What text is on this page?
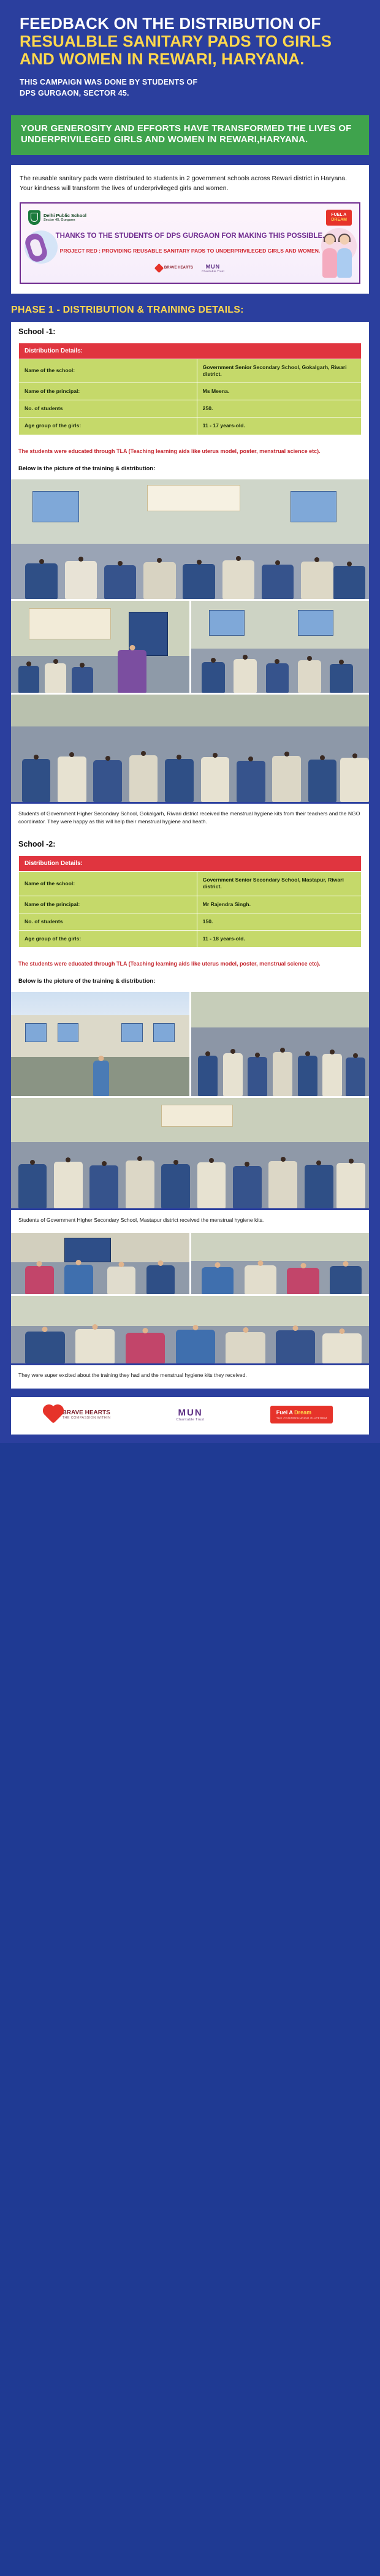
FEEDBACK ON THE DISTRIBUTION OF
RESUALBLE SANITARY PADS TO GIRLS
AND WOMEN IN REWARI, HARYANA.

THIS CAMPAIGN WAS DONE BY STUDENTS OF
DPS GURGAON, SECTOR 45.

YOUR GENEROSITY AND EFFORTS HAVE TRANSFORMED THE LIVES OF UNDERPRIVILEGED GIRLS AND WOMEN IN REWARI,HARYANA.

The reusable sanitary pads were distributed to students in 2 government schools across Rewari district in Haryana. Your kindness will transform the lives of underprivileged girls and women.

Delhi Public School
Sector 45, Gurgaon
FUEL A
DREAM

THANKS TO THE STUDENTS OF DPS GURGAON FOR MAKING THIS POSSIBLE.

PROJECT RED : PROVIDING REUSABLE SANITARY PADS TO UNDERPRIVILEGED GIRLS AND WOMEN.

BRAVE HEARTS	MUN
Charitable Trust
PHASE 1 - DISTRIBUTION & TRAINING DETAILS:
School -1:
Distribution Details:	
Name of the school:	Government Senior Secondary School, Gokalgarh, Riwari district.
Name of the principal:	Ms Meena.
No. of students	250.
Age group of the girls:	11 - 17 years-old.
The students were educated through TLA (Teaching learning aids like uterus model, poster, menstrual science etc).
Below is the picture of the training & distribution:
Students of Government Higher Secondary School, Gokalgarh, Riwari district received the menstrual hygiene kits from their teachers and the NGO coordinator. They were happy as this will help their menstrual hygiene and heath.
School -2:
Distribution Details:	
Name of the school:	Government Senior Secondary School, Mastapur, Riwari district.
Name of the principal:	Mr Rajendra Singh.
No. of students	150.
Age group of the girls:	11 - 18 years-old.
The students were educated through TLA (Teaching learning aids like uterus model, poster, menstrual science etc).
Below is the picture of the training & distribution:
Students of Government Higher Secondary School, Mastapur district received the menstrual hygiene kits.
They were super excited about the training they had and the menstrual hygiene kits they received.
BRAVE HEARTS
THE COMPASSION WITHIN	MUN
Charitable Trust
Fuel A Dream
THE CROWDFUNDING PLATFORM
